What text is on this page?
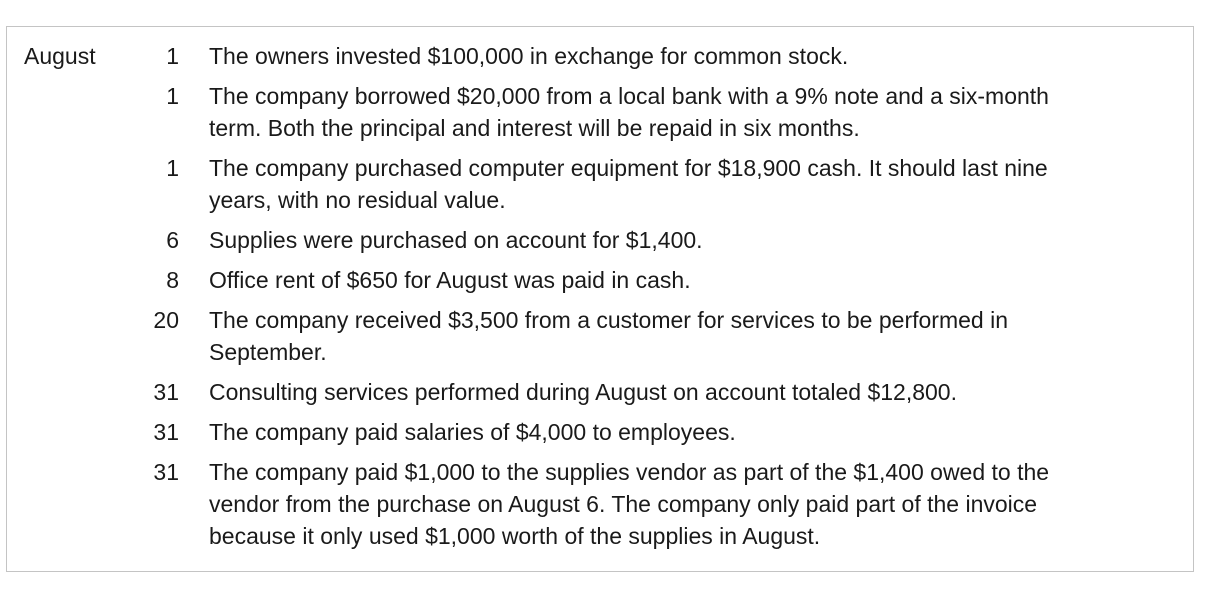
August	1	The owners invested $100,000 in exchange for common stock.

	1	The company borrowed $20,000 from a local bank with a 9% note and a six-month
term. Both the principal and interest will be repaid in six months.

	1	The company purchased computer equipment for $18,900 cash. It should last nine
years, with no residual value.

	6	Supplies were purchased on account for $1,400.

	8	Office rent of $650 for August was paid in cash.

	20	The company received $3,500 from a customer for services to be performed in
September.

	31	Consulting services performed during August on account totaled $12,800.

	31	The company paid salaries of $4,000 to employees.

	31	The company paid $1,000 to the supplies vendor as part of the $1,400 owed to the
vendor from the purchase on August 6. The company only paid part of the invoice
because it only used $1,000 worth of the supplies in August.
